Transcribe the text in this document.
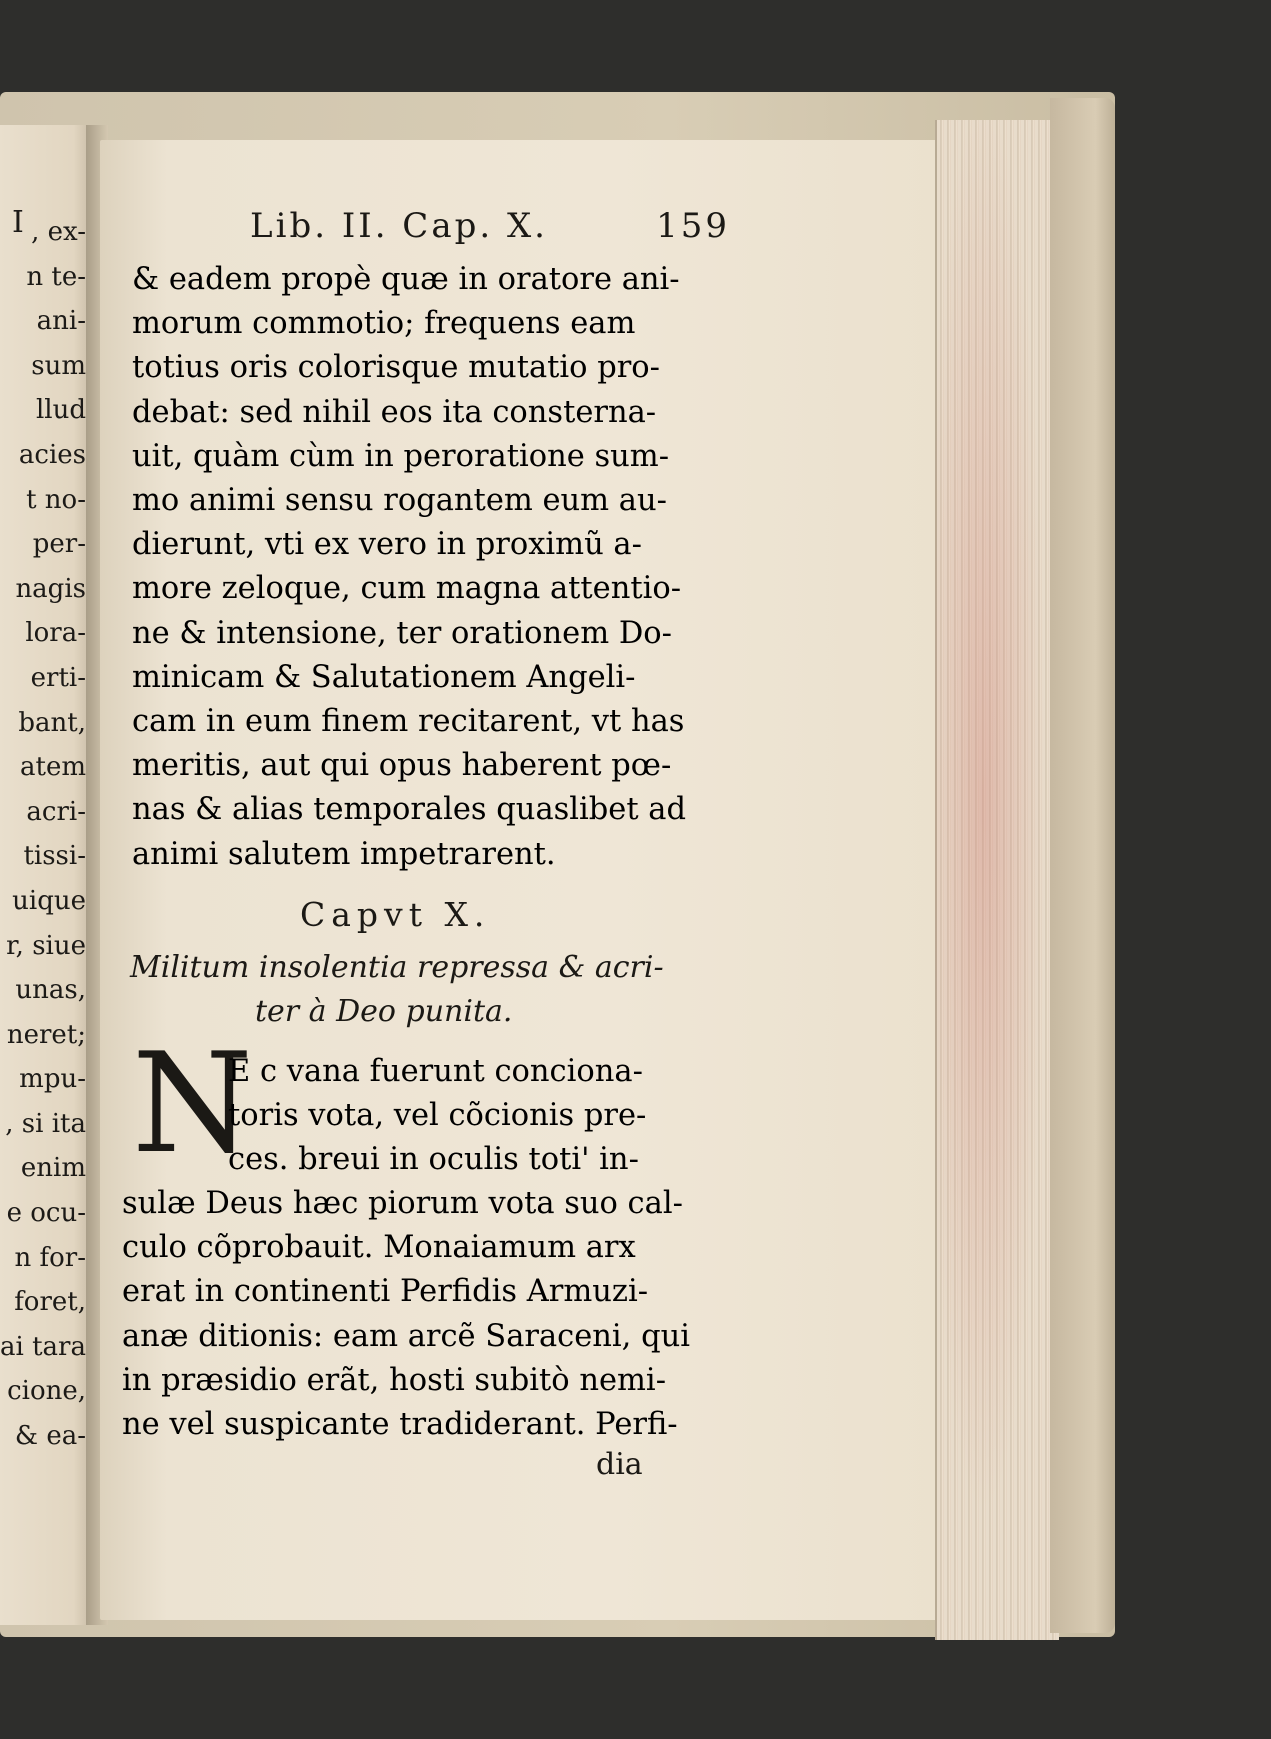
I , ex-
n te-
ani-
sum
llud
acies
t no-
per-
nagis
lora-
erti-
bant,
atem
acri-
tissi-
uique
r, siue
unas,
neret;
mpu-
, si ita
enim
e ocu-
n for-
foret,
ai tara
cione,
& ea-
Lib. II. Cap. X.	159
& eadem propè quæ in oratore ani-
morum commotio; frequens eam
totius oris colorisque mutatio pro-
debat: sed nihil eos ita consterna-
uit, quàm cùm in peroratione sum-
mo animi sensu rogantem eum au-
dierunt, vti ex vero in proximũ a-
more zeloque, cum magna attentio-
ne & intensione, ter orationem Do-
minicam & Salutationem Angeli-
cam in eum finem recitarent, vt has
meritis, aut qui opus haberent pœ-
nas & alias temporales quaslibet ad
animi salutem impetrarent.
Capvt X.
Militum insolentia repressa & acri-
ter à Deo punita.
N
E c vana fuerunt conciona-
toris vota, vel cõcionis pre-
ces. breui in oculis toti' in-
sulæ Deus hæc piorum vota suo cal-
culo cõprobauit. Monaiamum arx
erat in continenti Perfidis Armuzi-
anæ ditionis: eam arcẽ Saraceni, qui
in præsidio erãt, hosti subitò nemi-
ne vel suspicante tradiderant. Perfi-
dia
